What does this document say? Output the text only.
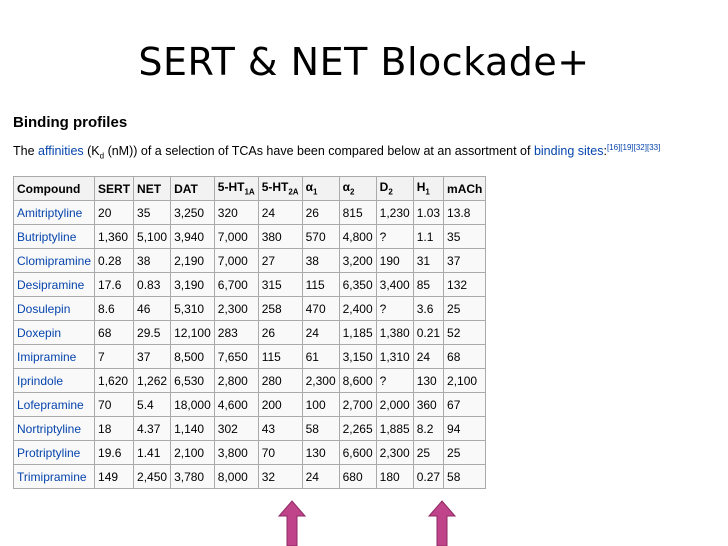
SERT & NET Blockade+
Binding profiles
The affinities ($K_d$ (nM)) of a selection of TCAs have been compared below at an assortment of binding sites:[16][19][32][33]
Compound	SERT	NET	DAT	$5-HT_{1A}$	$5-HT_{2A}$	$\alpha_1$	$\alpha_2$	$D_2$	$H_1$	mACh
Amitriptyline	20	35	3,250	320	24	26	815	1,230	1.03	13.8
Butriptyline	1,360	5,100	3,940	7,000	380	570	4,800	?	1.1	35
Clomipramine	0.28	38	2,190	7,000	27	38	3,200	190	31	37
Desipramine	17.6	0.83	3,190	6,700	315	115	6,350	3,400	85	132
Dosulepin	8.6	46	5,310	2,300	258	470	2,400	?	3.6	25
Doxepin	68	29.5	12,100	283	26	24	1,185	1,380	0.21	52
Imipramine	7	37	8,500	7,650	115	61	3,150	1,310	24	68
Iprindole	1,620	1,262	6,530	2,800	280	2,300	8,600	?	130	2,100
Lofepramine	70	5.4	18,000	4,600	200	100	2,700	2,000	360	67
Nortriptyline	18	4.37	1,140	302	43	58	2,265	1,885	8.2	94
Protriptyline	19.6	1.41	2,100	3,800	70	130	6,600	2,300	25	25
Trimipramine	149	2,450	3,780	8,000	32	24	680	180	0.27	58
